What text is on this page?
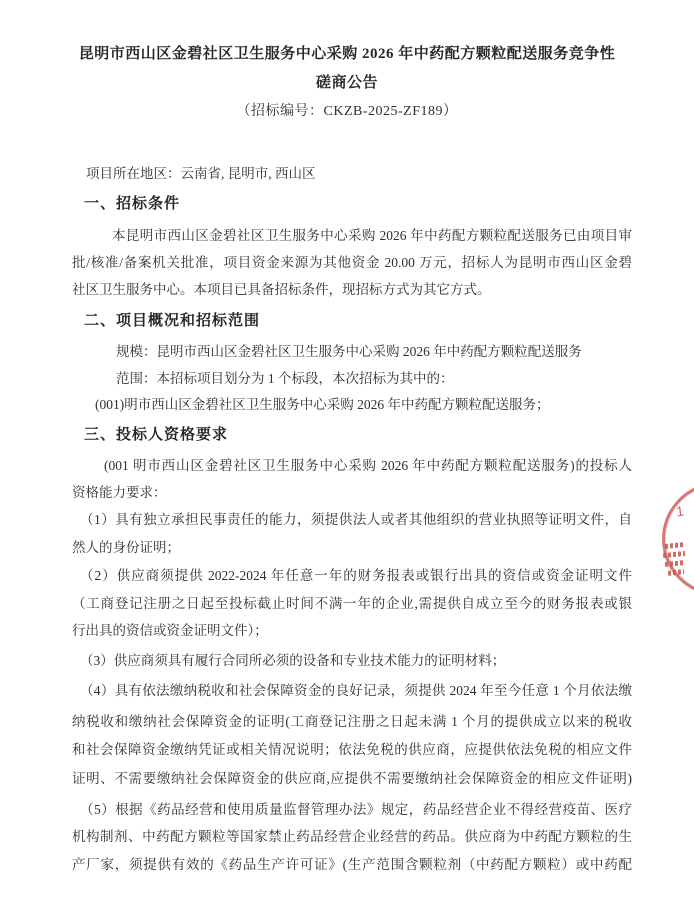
昆明市西山区金碧社区卫生服务中心采购 2026 年中药配方颗粒配送服务竞争性
磋商公告
（招标编号：CKZB-2025-ZF189）
项目所在地区：云南省, 昆明市, 西山区
一、招标条件
本昆明市西山区金碧社区卫生服务中心采购 2026 年中药配方颗粒配送服务已由项目审
批/核准/备案机关批准，项目资金来源为其他资金 20.00 万元，招标人为昆明市西山区金碧
社区卫生服务中心。本项目已具备招标条件，现招标方式为其它方式。
二、项目概况和招标范围
规模：昆明市西山区金碧社区卫生服务中心采购 2026 年中药配方颗粒配送服务
范围：本招标项目划分为 1 个标段，本次招标为其中的：
(001)明市西山区金碧社区卫生服务中心采购 2026 年中药配方颗粒配送服务；
三、投标人资格要求
(001 明市西山区金碧社区卫生服务中心采购 2026 年中药配方颗粒配送服务)的投标人
资格能力要求：
（1）具有独立承担民事责任的能力，须提供法人或者其他组织的营业执照等证明文件，自
然人的身份证明；
（2）供应商须提供 2022-2024 年任意一年的财务报表或银行出具的资信或资金证明文件
（工商登记注册之日起至投标截止时间不满一年的企业,需提供自成立至今的财务报表或银
行出具的资信或资金证明文件）；
（3）供应商须具有履行合同所必须的设备和专业技术能力的证明材料；
（4）具有依法缴纳税收和社会保障资金的良好记录，须提供 2024 年至今任意 1 个月依法缴
纳税收和缴纳社会保障资金的证明(工商登记注册之日起未满 1 个月的提供成立以来的税收
和社会保障资金缴纳凭证或相关情况说明；依法免税的供应商，应提供依法免税的相应文件
证明、不需要缴纳社会保障资金的供应商,应提供不需要缴纳社会保障资金的相应文件证明)
（5）根据《药品经营和使用质量监督管理办法》规定，药品经营企业不得经营疫苗、医疗
机构制剂、中药配方颗粒等国家禁止药品经营企业经营的药品。供应商为中药配方颗粒的生
产厂家，须提供有效的《药品生产许可证》(生产范围含颗粒剂（中药配方颗粒）或中药配
1
